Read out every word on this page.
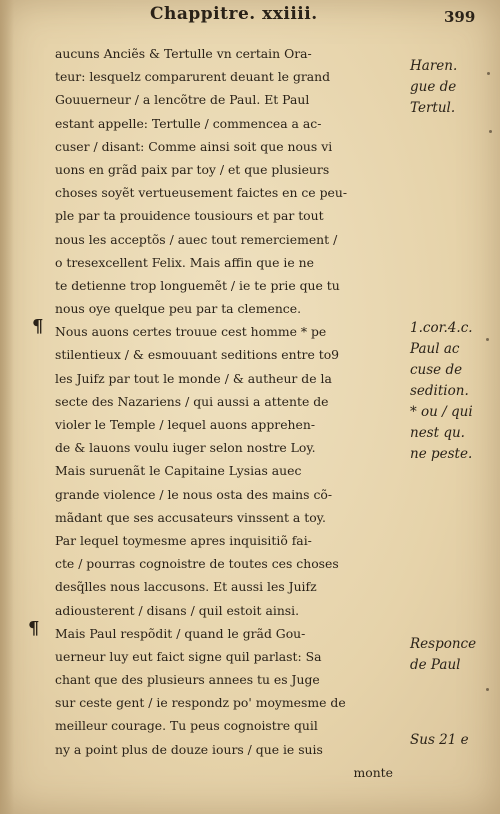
Chappitre. xxiiii.	399
¶
¶
aucuns Anciẽs & Tertulle vn certain Ora-
teur: lesquelz comparurent deuant le grand
Gouuerneur / a lencõtre de Paul. Et Paul
estant appelle: Tertulle / commencea a ac-
cuser / disant: Comme ainsi soit que nous vi
uons en grãd paix par toy / et que plusieurs
choses soyẽt vertueusement faictes en ce peu-
ple par ta prouidence tousiours et par tout
nous les acceptõs / auec tout remerciement /
o tresexcellent Felix. Mais affin que ie ne
te detienne trop longuemẽt / ie te prie que tu
nous oye quelque peu par ta clemence.
Nous auons certes trouue cest homme * pe
stilentieux / & esmouuant seditions entre to9
les Juifz par tout le monde / & autheur de la
secte des Nazariens / qui aussi a attente de
violer le Temple / lequel auons apprehen-
de & lauons voulu iuger selon nostre Loy.
Mais suruenãt le Capitaine Lysias auec
grande violence / le nous osta des mains cõ-
mãdant que ses accusateurs vinssent a toy.
Par lequel toymesme apres inquisitiõ fai-
cte / pourras cognoistre de toutes ces choses
desq̃lles nous laccusons. Et aussi les Juifz
adiousterent / disans / quil estoit ainsi.
Mais Paul respõdit / quand le grãd Gou-
uerneur luy eut faict signe quil parlast: Sa
chant que des plusieurs annees tu es Juge
sur ceste gent / ie respondz po' moymesme de
meilleur courage. Tu peus cognoistre quil
ny a point plus de douze iours / que ie suis
monte
Haren.
gue de
Tertul.
1.cor.4.c.
Paul ac
cuse de
sedition.
* ou / qui
nest qu.
ne peste.
Responce
de Paul
Sus 21 e
